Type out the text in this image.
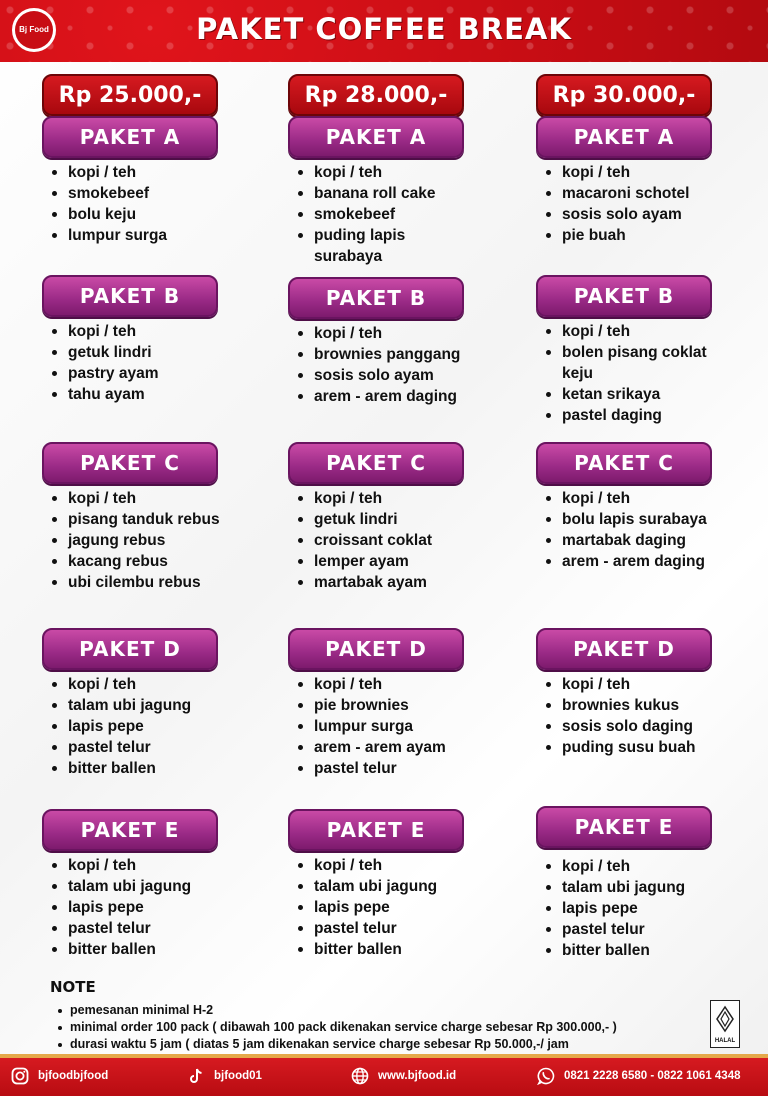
Bj Food	PAKET COFFEE BREAK
Rp 25.000,-
PAKET A
kopi / teh
smokebeef
bolu keju
lumpur surga
PAKET B
kopi / teh
getuk lindri
pastry ayam
tahu ayam
PAKET C
kopi / teh
pisang tanduk rebus
jagung rebus
kacang rebus
ubi cilembu rebus
PAKET D
kopi / teh
talam ubi jagung
lapis pepe
pastel telur
bitter ballen
PAKET E
kopi / teh
talam ubi jagung
lapis pepe
pastel telur
bitter ballen
Rp 28.000,-
PAKET A
kopi / teh
banana roll cake
smokebeef
puding lapis surabaya
PAKET B
kopi / teh
brownies panggang
sosis solo ayam
arem - arem daging
PAKET C
kopi / teh
getuk lindri
croissant coklat
lemper ayam
martabak ayam
PAKET D
kopi / teh
pie brownies
lumpur surga
arem - arem ayam
pastel telur
PAKET E
kopi / teh
talam ubi jagung
lapis pepe
pastel telur
bitter ballen
Rp 30.000,-
PAKET A
kopi / teh
macaroni schotel
sosis solo ayam
pie buah
PAKET B
kopi / teh
bolen pisang coklat keju
ketan srikaya
pastel daging
PAKET C
kopi / teh
bolu lapis surabaya
martabak daging
arem - arem daging
PAKET D
kopi / teh
brownies kukus
sosis solo daging
puding susu buah
PAKET E
kopi / teh
talam ubi jagung
lapis pepe
pastel telur
bitter ballen
NOTE
pemesanan minimal H-2
minimal order 100 pack ( dibawah 100 pack dikenakan service charge sebesar Rp 300.000,- )
durasi waktu 5 jam ( diatas 5 jam dikenakan service charge sebesar Rp 50.000,-/ jam	HALAL
bjfoodbjfood	bjfood01	www.bjfood.id	0821 2228 6580 - 0822 1061 4348
